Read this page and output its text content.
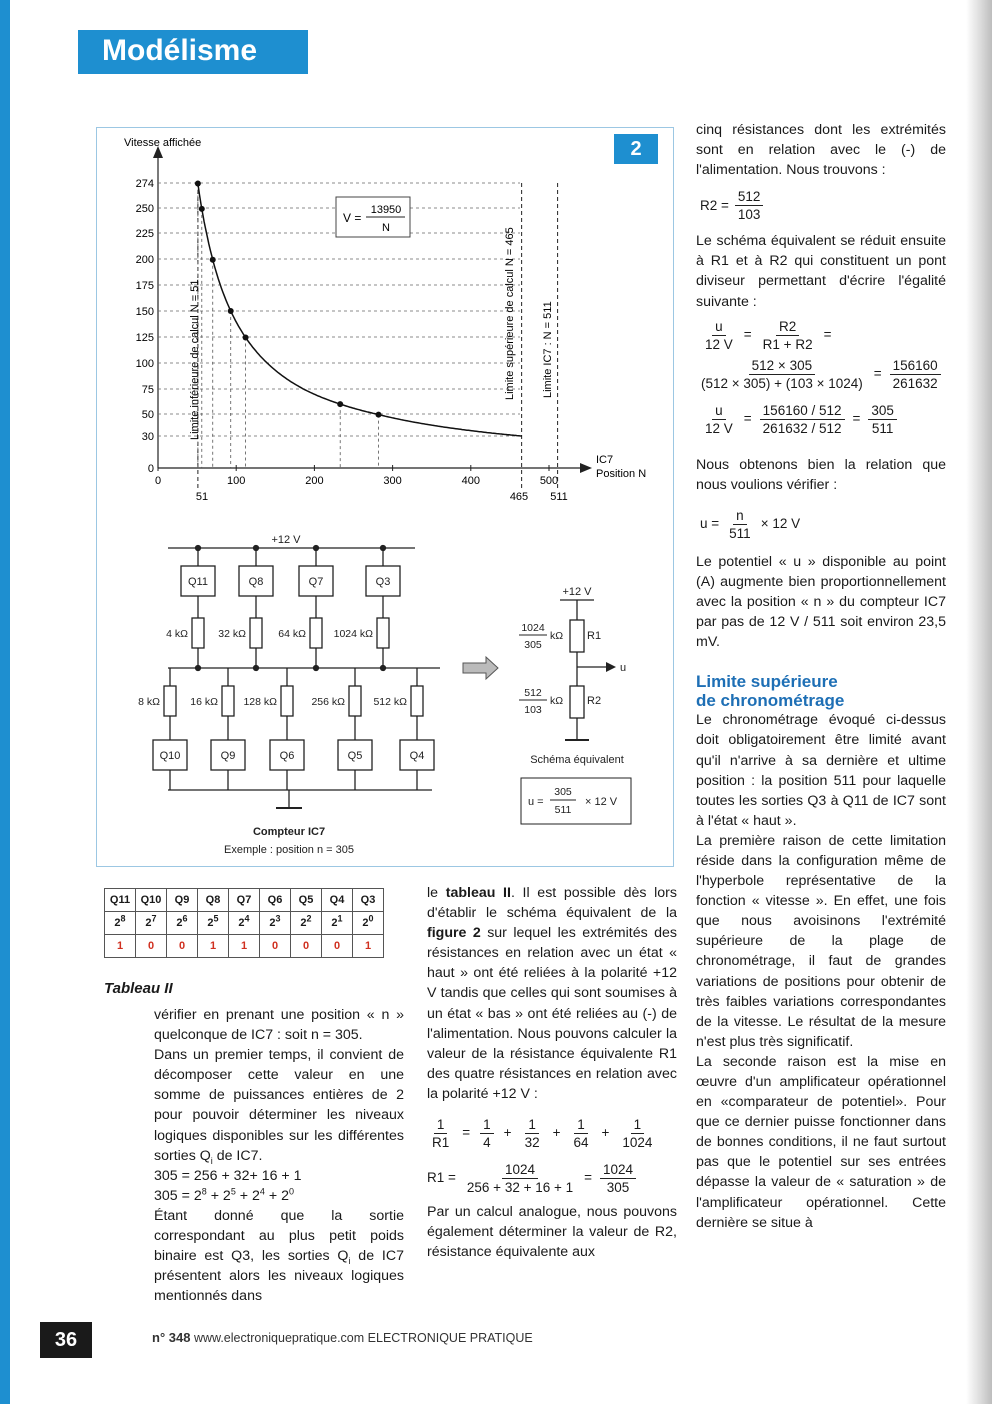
Modélisme
2
Vitesse affichée
IC7
Position N
274
250
225
200
175
150
125
100
75
50
30
0
0	100	200	300	400	500
V =
13950
N
Limite inférieure de calcul N = 51	Limite supérieure de calcul N = 465 Limite IC7 : N = 511
51	465 511
+12 V
Q11
4 kΩ
Q8
32 kΩ
Q7
64 kΩ
Q3
1024 kΩ
8 kΩ
Q10
16 kΩ
Q9
128 kΩ
Q6
256 kΩ
Q5
512 kΩ
Q4
Compteur IC7
Exemple : position n = 305
+12 V
R1
R2
u
1024
305
kΩ
512
103
kΩ
Schéma équivalent
u =
305
511
× 12 V
Q11	Q10	Q9	Q8	Q7	Q6	Q5	Q4	Q3
$2^8$	$2^7$	$2^6$	$2^5$	$2^4$	$2^3$	$2^2$	$2^1$	$2^0$
1	0	0	1	1	0	0	0	1
Tableau II

vérifier en prenant une position « n » quelconque de IC7 : soit n = 305.

Dans un premier temps, il convient de décomposer cette valeur en une somme de puissances entières de 2 pour pouvoir déterminer les niveaux logiques disponibles sur les différentes sorties $Q_i$ de IC7.

305 = 256 + 32+ 16 + 1

$305 = 2^8 + 2^5 + 2^4 + 2^0$

Étant donné que la sortie correspondant au plus petit poids binaire est Q3, les sorties $Q_i$ de IC7 présentent alors les niveaux logiques mentionnés dans

le tableau II. Il est possible dès lors d'établir le schéma équivalent de la figure 2 sur lequel les extrémités des résistances en relation avec un état « haut » ont été reliées à la polarité +12 V tandis que celles qui sont soumises à un état « bas » ont été reliées au (-) de l'alimentation. Nous pouvons calculer la valeur de la résistance équivalente R1 des quatre résistances en relation avec la polarité +12 V :

$\frac{1}{R1} = \frac{1}{4} + \frac{1}{32} + \frac{1}{64} + \frac{1}{1024}$
$R1 = \frac{1024}{256 + 32 + 16 + 1} = \frac{1024}{305}$

Par un calcul analogue, nous pouvons également déterminer la valeur de R2, résistance équivalente aux

cinq résistances dont les extrémités sont en relation avec le (-) de l'alimentation. Nous trouvons :

$R2 = \frac{512}{103}$

Le schéma équivalent se réduit ensuite à R1 et à R2 qui constituent un pont diviseur permettant d'écrire l'égalité suivante :

$\frac{u}{12 V} = \frac{R2}{R1 + R2}$ =
$\frac{512 \times 305}{(512 \times 305) + (103 \times 1024)} = \frac{156160}{261632}$
$\frac{u}{12 V} = \frac{156160 / 512}{261632 / 512} = \frac{305}{511}$

Nous obtenons bien la relation que nous voulions vérifier :

$u = \frac{n}{511} \times 12$ V

Le potentiel « u » disponible au point (A) augmente bien proportionnellement avec la position « n » du compteur IC7 par pas de 12 V / 511 soit environ 23,5 mV.

Limite supérieure
de chronométrage

Le chronométrage évoqué ci-dessus doit obligatoirement être limité avant qu'il n'arrive à sa dernière et ultime position : la position 511 pour laquelle toutes les sorties Q3 à Q11 de IC7 sont à l'état « haut ».

La première raison de cette limitation réside dans la configuration même de l'hyperbole représentative de la fonction « vitesse ». En effet, une fois que nous avoisinons l'extrémité supérieure de la plage de chronométrage, il faut de grandes variations de positions pour obtenir de très faibles variations correspondantes de la vitesse. Le résultat de la mesure n'est plus très significatif.

La seconde raison est la mise en œuvre d'un amplificateur opérationnel en «comparateur de potentiel». Pour que ce dernier puisse fonctionner dans de bonnes conditions, il ne faut surtout pas que le potentiel sur ses entrées dépasse la valeur de « saturation » de l'amplificateur opérationnel. Cette dernière se situe à

36	n° 348 www.electroniquepratique.com ELECTRONIQUE PRATIQUE
